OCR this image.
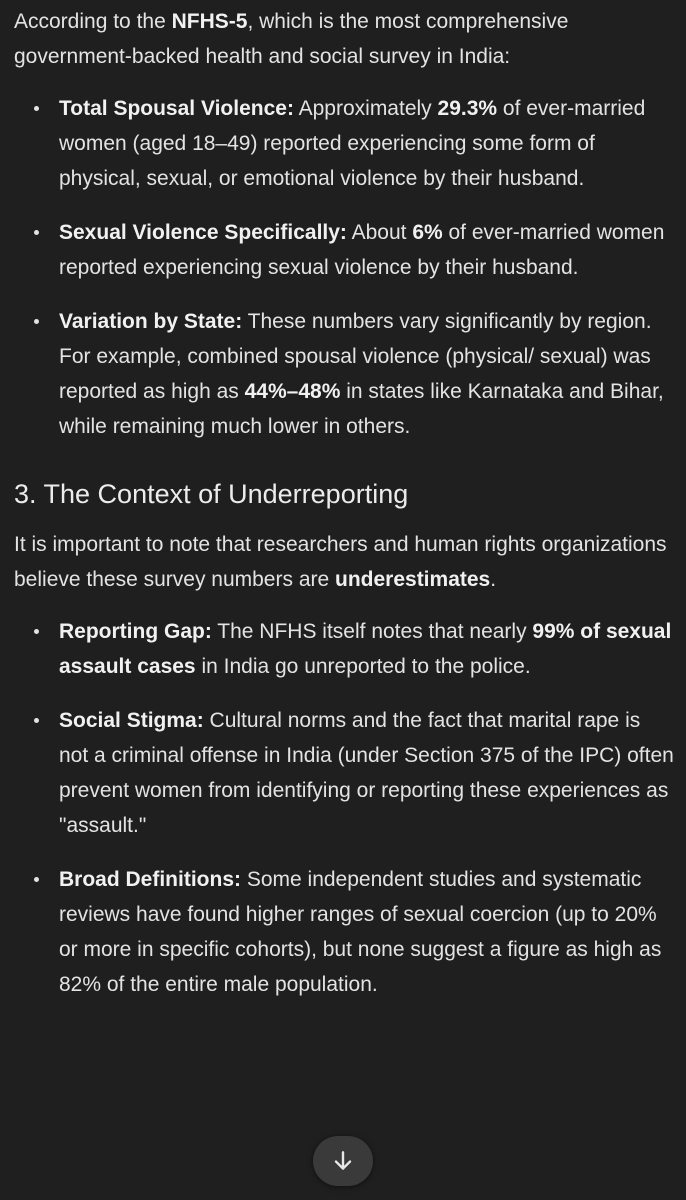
According to the NFHS-5, which is the most comprehensive government-backed health and social survey in India:

Total Spousal Violence: Approximately 29.3% of ever-married women (aged 18–49) reported experiencing some form of physical, sexual, or emotional violence by their husband.
Sexual Violence Specifically: About 6% of ever-married women reported experiencing sexual violence by their husband.
Variation by State: These numbers vary significantly by region. For example, combined spousal violence (physical/ sexual) was reported as high as 44%–48% in states like Karnataka and Bihar, while remaining much lower in others.
3. The Context of Underreporting

It is important to note that researchers and human rights organizations believe these survey numbers are underestimates.

Reporting Gap: The NFHS itself notes that nearly 99% of sexual assault cases in India go unreported to the police.
Social Stigma: Cultural norms and the fact that marital rape is not a criminal offense in India (under Section 375 of the IPC) often prevent women from identifying or reporting these experiences as "assault."
Broad Definitions: Some independent studies and systematic reviews have found higher ranges of sexual coercion (up to 20% or more in specific cohorts), but none suggest a figure as high as 82% of the entire male population.
